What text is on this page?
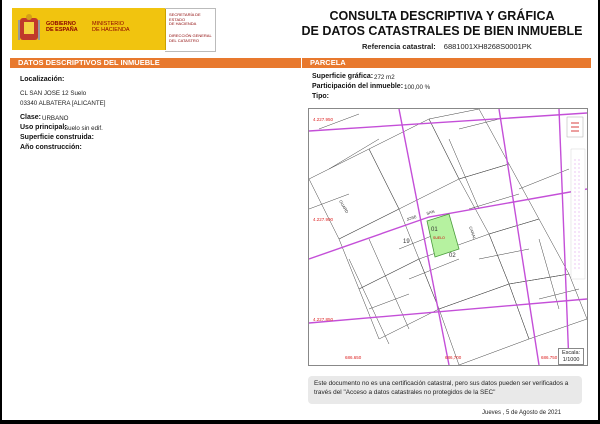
GOBIERNO
DE ESPAÑA
MINISTERIO
DE HACIENDA
SECRETARÍA DE ESTADO
DE HACIENDA
DIRECCIÓN GENERAL
DEL CATASTRO
CONSULTA DESCRIPTIVA Y GRÁFICA
DE DATOS CATASTRALES DE BIEN INMUEBLE
Referencia catastral: 6881001XH8268S0001PK
DATOS DESCRIPTIVOS DEL INMUEBLE	PARCELA
Localización:
CL SAN JOSE 12 Suelo
03340 ALBATERA [ALICANTE]
Clase: URBANO
Uso principal:
Suelo sin edif.
Superficie construida:
Año construcción:
Superficie gráfica: 272 m2
Participación del inmueble: 100,00 %
Tipo:
01
SUELO
19
02
JOSE
SAN
GUARD
CANAL
4.227.950
4.227.900
4.227.850
686.650	686,700	686.750
Escala:
1/1000
Este documento no es una certificación catastral, pero sus datos pueden ser verificados a
través del "Acceso a datos catastrales no protegidos de la SEC"
Jueves , 5 de Agosto de 2021
